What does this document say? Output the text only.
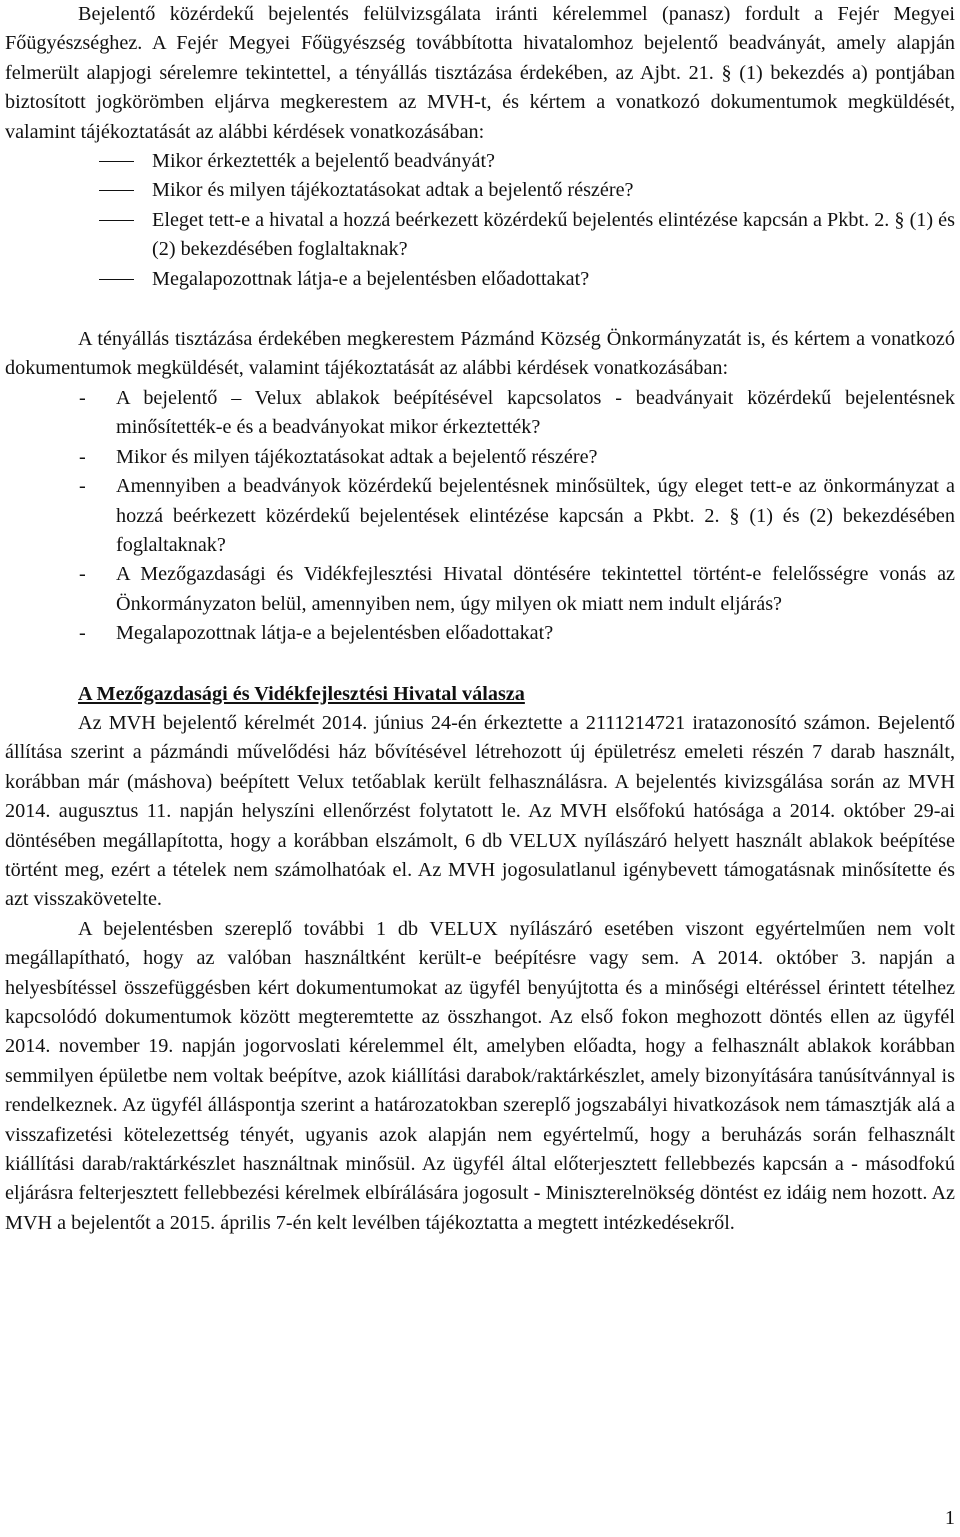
Bejelentő közérdekű bejelentés felülvizsgálata iránti kérelemmel (panasz) fordult a Fejér Megyei Főügyészséghez. A Fejér Megyei Főügyészség továbbította hivatalomhoz bejelentő beadványát, amely alapján felmerült alapjogi sérelemre tekintettel, a tényállás tisztázása érdekében, az Ajbt. 21. § (1) bekezdés a) pontjában biztosított jogkörömben eljárva megkerestem az MVH-t, és kértem a vonatkozó dokumentumok megküldését, valamint tájékoztatását az alábbi kérdések vonatkozásában:

Mikor érkeztették a bejelentő beadványát?
Mikor és milyen tájékoztatásokat adtak a bejelentő részére?
Eleget tett-e a hivatal a hozzá beérkezett közérdekű bejelentés elintézése kapcsán a Pkbt. 2. § (1) és (2) bekezdésében foglaltaknak?
Megalapozottnak látja-e a bejelentésben előadottakat?

A tényállás tisztázása érdekében megkerestem Pázmánd Község Önkormányzatát is, és kértem a vonatkozó dokumentumok megküldését, valamint tájékoztatását az alábbi kérdések vonatkozásában:

- A bejelentő – Velux ablakok beépítésével kapcsolatos - beadványait közérdekű bejelentésnek minősítették-e és a beadványokat mikor érkeztették?
- Mikor és milyen tájékoztatásokat adtak a bejelentő részére?
- Amennyiben a beadványok közérdekű bejelentésnek minősültek, úgy eleget tett-e az önkormányzat a hozzá beérkezett közérdekű bejelentések elintézése kapcsán a Pkbt. 2. § (1) és (2) bekezdésében foglaltaknak?
- A Mezőgazdasági és Vidékfejlesztési Hivatal döntésére tekintettel történt-e felelősségre vonás az Önkormányzaton belül, amennyiben nem, úgy milyen ok miatt nem indult eljárás?
- Megalapozottnak látja-e a bejelentésben előadottakat?

A Mezőgazdasági és Vidékfejlesztési Hivatal válasza

Az MVH bejelentő kérelmét 2014. június 24-én érkeztette a 2111214721 iratazonosító számon. Bejelentő állítása szerint a pázmándi művelődési ház bővítésével létrehozott új épületrész emeleti részén 7 darab használt, korábban már (máshova) beépített Velux tetőablak került felhasználásra. A bejelentés kivizsgálása során az MVH 2014. augusztus 11. napján helyszíni ellenőrzést folytatott le. Az MVH elsőfokú hatósága a 2014. október 29-ai döntésében megállapította, hogy a korábban elszámolt, 6 db VELUX nyílászáró helyett használt ablakok beépítése történt meg, ezért a tételek nem számolhatóak el. Az MVH jogosulatlanul igénybevett támogatásnak minősítette és azt visszakövetelte.

A bejelentésben szereplő további 1 db VELUX nyílászáró esetében viszont egyértelműen nem volt megállapítható, hogy az valóban használtként került-e beépítésre vagy sem. A 2014. október 3. napján a helyesbítéssel összefüggésben kért dokumentumokat az ügyfél benyújtotta és a minőségi eltéréssel érintett tételhez kapcsolódó dokumentumok között megteremtette az összhangot. Az első fokon meghozott döntés ellen az ügyfél 2014. november 19. napján jogorvoslati kérelemmel élt, amelyben előadta, hogy a felhasznált ablakok korábban semmilyen épületbe nem voltak beépítve, azok kiállítási darabok/raktárkészlet, amely bizonyítására tanúsítvánnyal is rendelkeznek. Az ügyfél álláspontja szerint a határozatokban szereplő jogszabályi hivatkozások nem támasztják alá a visszafizetési kötelezettség tényét, ugyanis azok alapján nem egyértelmű, hogy a beruházás során felhasznált kiállítási darab/raktárkészlet használtnak minősül. Az ügyfél által előterjesztett fellebbezés kapcsán a - másodfokú eljárásra felterjesztett fellebbezési kérelmek elbírálására jogosult - Miniszterelnökség döntést ez idáig nem hozott. Az MVH a bejelentőt a 2015. április 7-én kelt levélben tájékoztatta a megtett intézkedésekről.

1
